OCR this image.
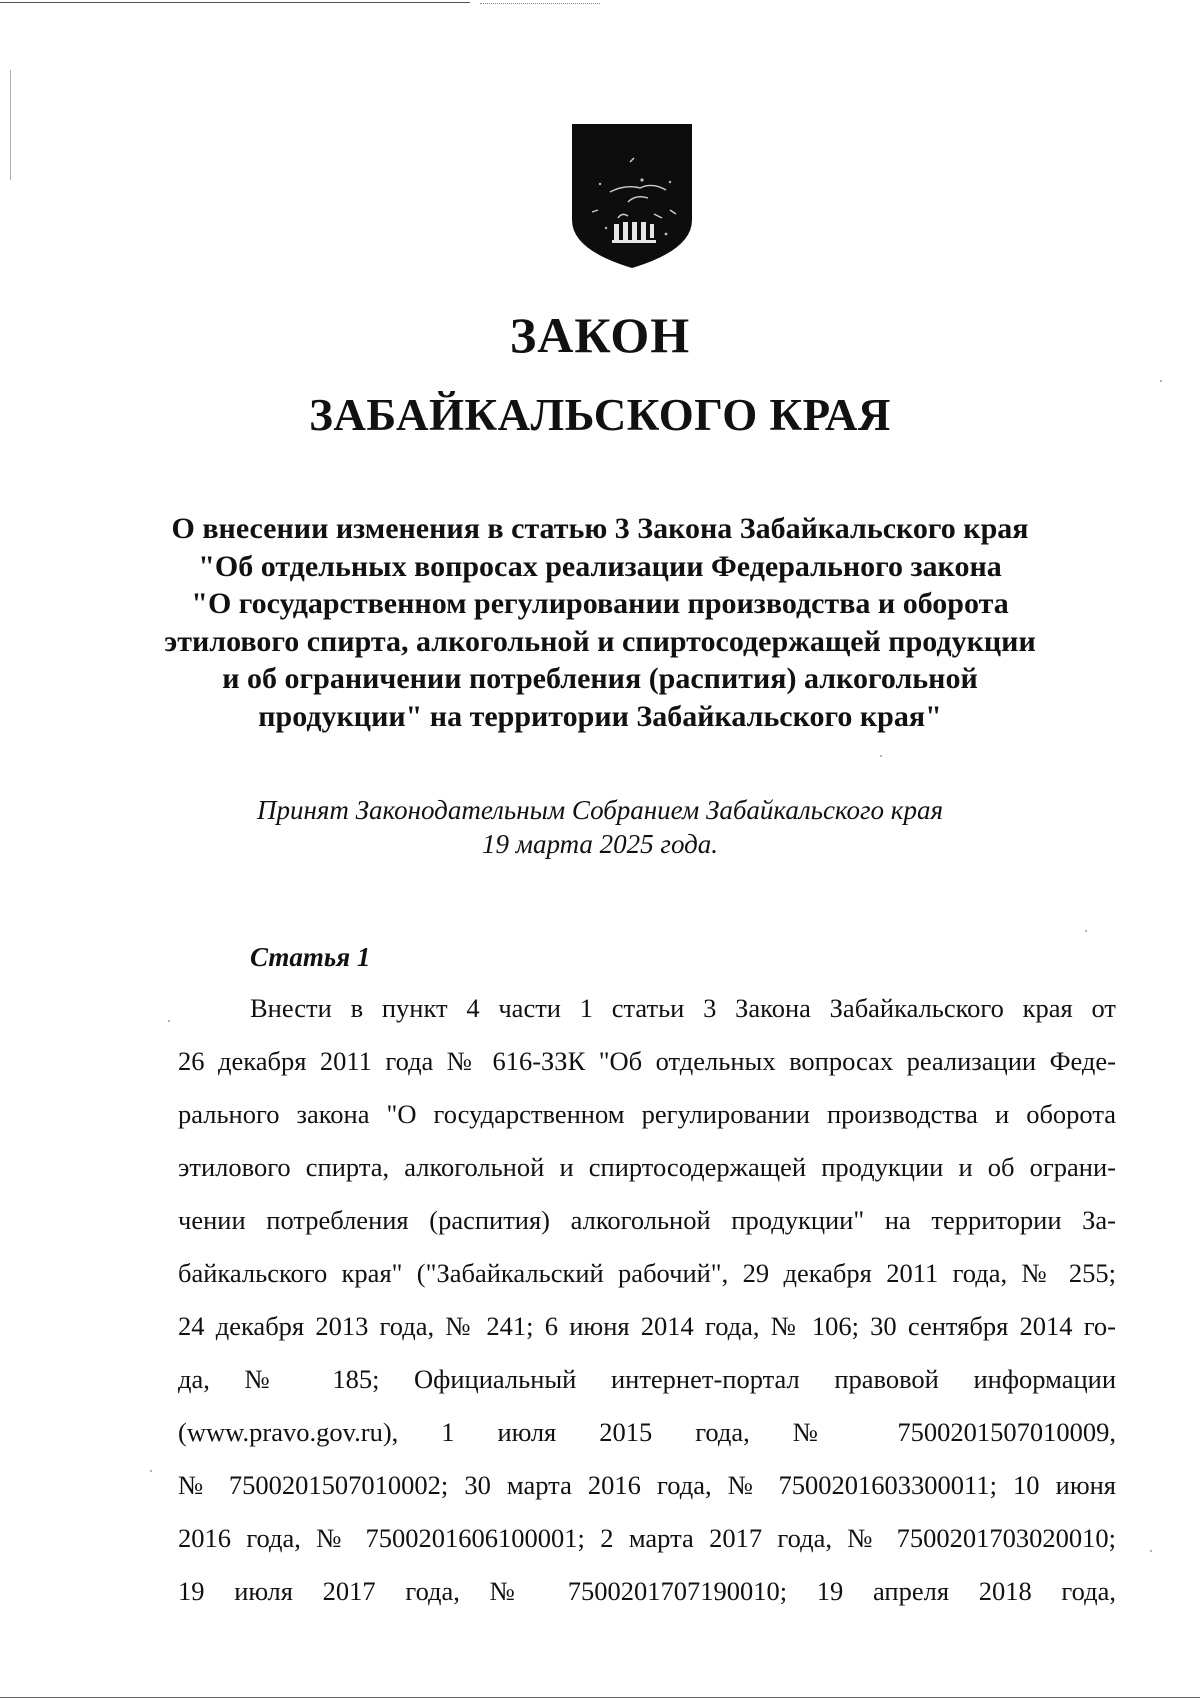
ЗАКОН
ЗАБАЙКАЛЬСКОГО КРАЯ
О внесении изменения в статью 3 Закона Забайкальского края
"Об отдельных вопросах реализации Федерального закона
"О государственном регулировании производства и оборота
этилового спирта, алкогольной и спиртосодержащей продукции
и об ограничении потребления (распития) алкогольной
продукции" на территории Забайкальского края"
Принят Законодательным Собранием Забайкальского края
19 марта 2025 года.
Статья 1
Внести в пункт 4 части 1 статьи 3 Закона Забайкальского края от
26 декабря 2011 года № 616-ЗЗК "Об отдельных вопросах реализации Феде-
рального закона "О государственном регулировании производства и оборота
этилового спирта, алкогольной и спиртосодержащей продукции и об ограни-
чении потребления (распития) алкогольной продукции" на территории За-
байкальского края" ("Забайкальский рабочий", 29 декабря 2011 года, № 255;
24 декабря 2013 года, № 241; 6 июня 2014 года, № 106; 30 сентября 2014 го-
да, № 185; Официальный интернет-портал правовой информации
(www.pravo.gov.ru), 1 июля 2015 года, № 7500201507010009,
№ 7500201507010002; 30 марта 2016 года, № 7500201603300011; 10 июня
2016 года, № 7500201606100001; 2 марта 2017 года, № 7500201703020010;
19 июля 2017 года, № 7500201707190010; 19 апреля 2018 года,
